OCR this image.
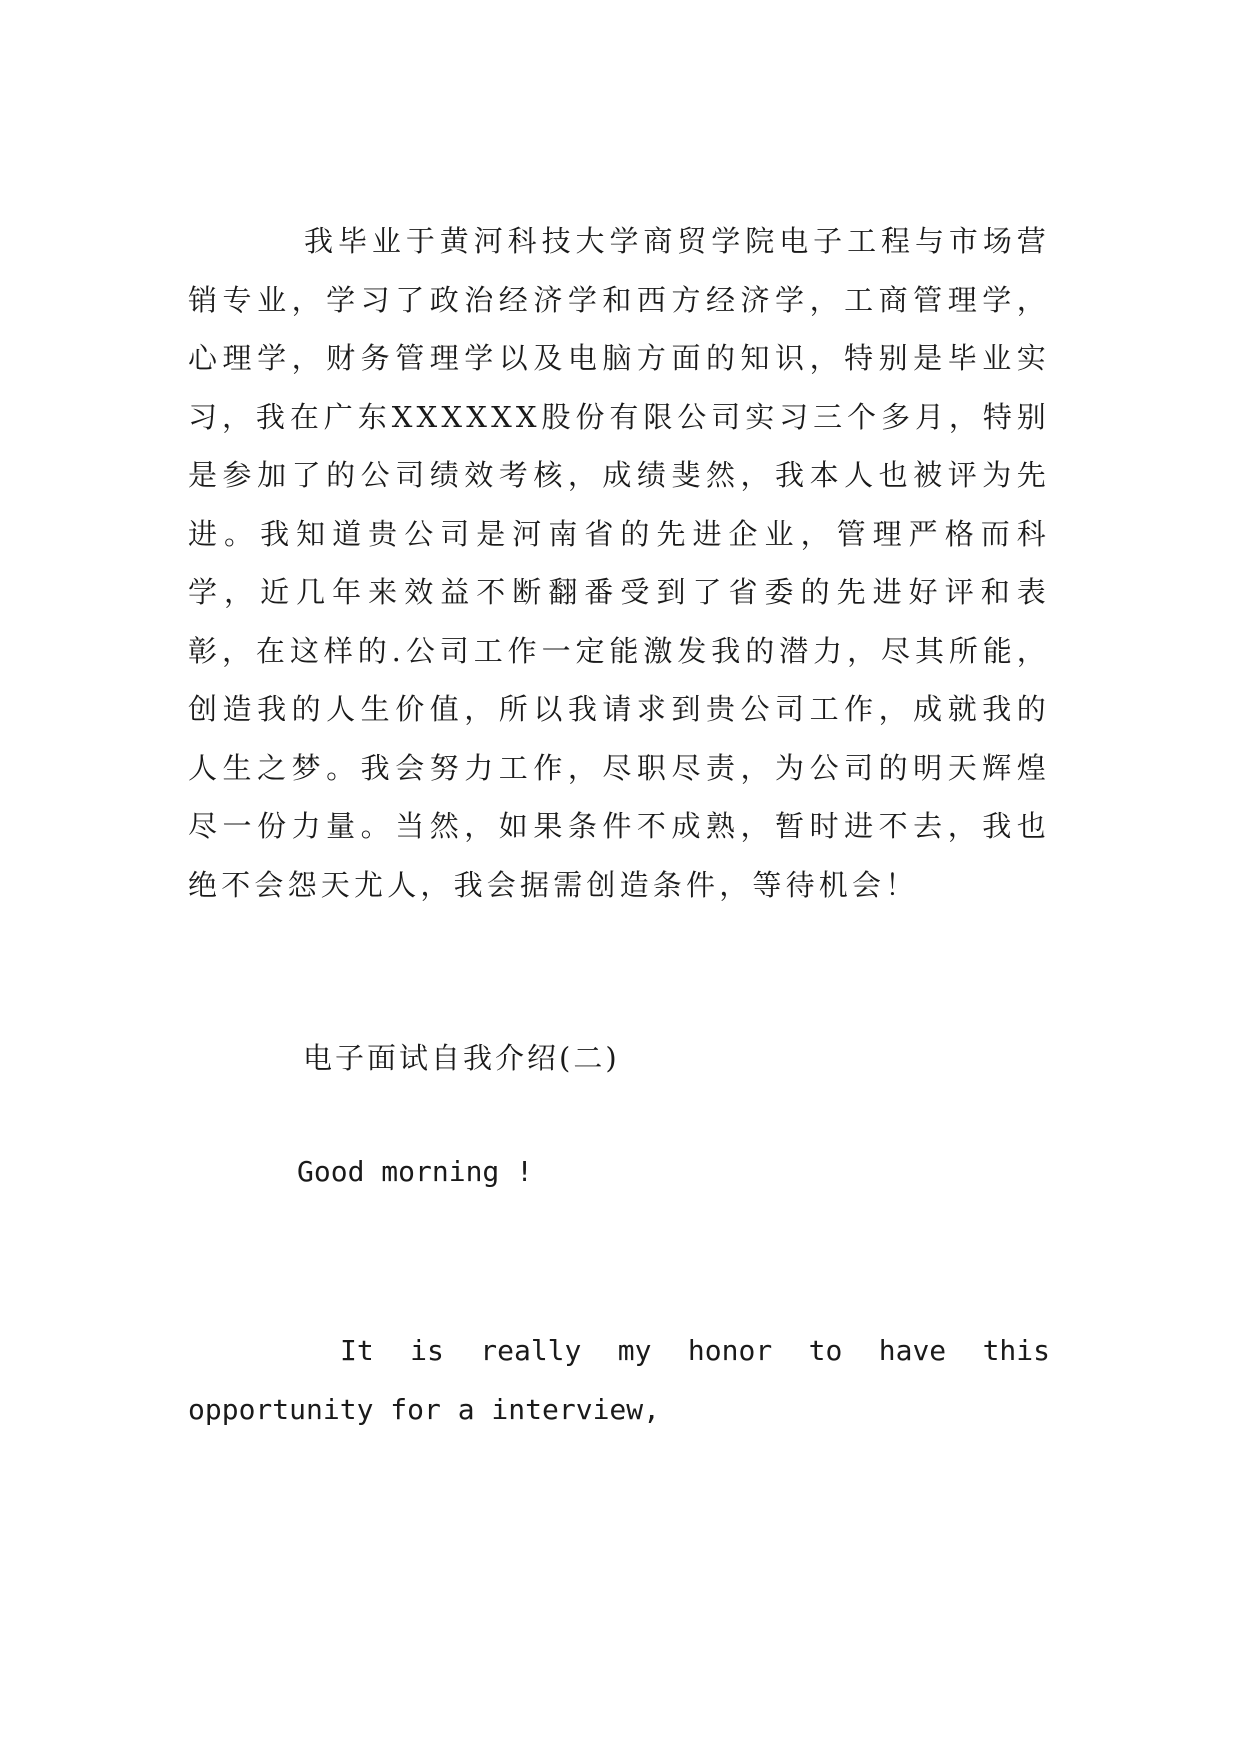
我毕业于黄河科技大学商贸学院电子工程与市场营销专业，学习了政治经济学和西方经济学，工商管理学，心理学，财务管理学以及电脑方面的知识，特别是毕业实习，我在广东XXXXXX股份有限公司实习三个多月，特别是参加了的公司绩效考核，成绩斐然，我本人也被评为先进。我知道贵公司是河南省的先进企业，管理严格而科学，近几年来效益不断翻番受到了省委的先进好评和表彰，在这样的.公司工作一定能激发我的潜力，尽其所能，创造我的人生价值，所以我请求到贵公司工作，成就我的人生之梦。我会努力工作，尽职尽责，为公司的明天辉煌尽一份力量。当然，如果条件不成熟，暂时进不去，我也绝不会怨天尤人，我会据需创造条件，等待机会！

电子面试自我介绍(二)

Good morning !

It is really my honor to have this
opportunity for a interview,
